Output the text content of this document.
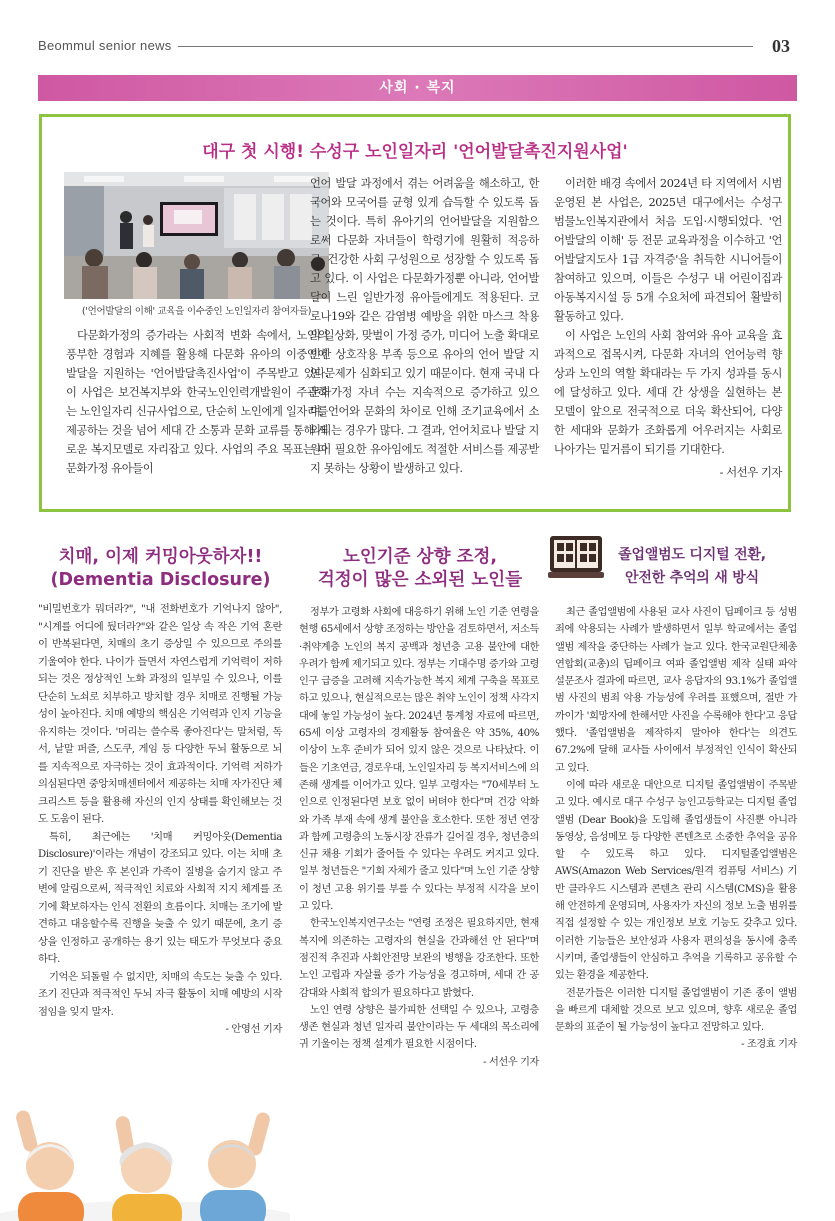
Beommul senior news	03
사회 · 복지
대구 첫 시행! 수성구 노인일자리 '언어발달촉진지원사업'
('언어발달의 이해' 교육을 이수중인 노인일자리 참여자들)

다문화가정의 증가라는 사회적 변화 속에서, 노인의 풍부한 경험과 지혜를 활용해 다문화 유아의 이중언어 발달을 지원하는 '언어발달촉진사업'이 주목받고 있다. 이 사업은 보건복지부와 한국노인인력개발원이 주관하는 노인일자리 신규사업으로, 단순히 노인에게 일자리를 제공하는 것을 넘어 세대 간 소통과 문화 교류를 통해 새로운 복지모델로 자리잡고 있다. 사업의 주요 목표는 다문화가정 유아들이

언어 발달 과정에서 겪는 어려움을 해소하고, 한국어와 모국어를 균형 있게 습득할 수 있도록 돕는 것이다. 특히 유아기의 언어발달을 지원함으로써 다문화 자녀들이 학령기에 원활히 적응하고, 건강한 사회 구성원으로 성장할 수 있도록 돕고 있다. 이 사업은 다문화가정뿐 아니라, 언어발달이 느린 일반가정 유아들에게도 적용된다. 코로나19와 같은 감염병 예방을 위한 마스크 착용의 일상화, 맞벌이 가정 증가, 미디어 노출 확대로 인한 상호작용 부족 등으로 유아의 언어 발달 지연 문제가 심화되고 있기 때문이다. 현재 국내 다문화가정 자녀 수는 지속적으로 증가하고 있으며, 언어와 문화의 차이로 인해 조기교육에서 소외되는 경우가 많다. 그 결과, 언어치료나 발달 지원이 필요한 유아임에도 적절한 서비스를 제공받지 못하는 상황이 발생하고 있다.

이러한 배경 속에서 2024년 타 지역에서 시범 운영된 본 사업은, 2025년 대구에서는 수성구 범물노인복지관에서 처음 도입·시행되었다. '언어발달의 이해' 등 전문 교육과정을 이수하고 '언어발달지도사 1급 자격증'을 취득한 시니어들이 참여하고 있으며, 이들은 수성구 내 어린이집과 아동복지시설 등 5개 수요처에 파견되어 활발히 활동하고 있다.

이 사업은 노인의 사회 참여와 유아 교육을 효과적으로 접목시켜, 다문화 자녀의 언어능력 향상과 노인의 역할 확대라는 두 가지 성과를 동시에 달성하고 있다. 세대 간 상생을 실현하는 본 모델이 앞으로 전국적으로 더욱 확산되어, 다양한 세대와 문화가 조화롭게 어우러지는 사회로 나아가는 밑거름이 되기를 기대한다.

- 서선우 기자

치매, 이제 커밍아웃하자!!
(Dementia Disclosure)

"비밀번호가 뭐더라?", "내 전화번호가 기억나지 않아", "시계를 어디에 뒀더라?"와 같은 일상 속 작은 기억 혼란이 반복된다면, 치매의 초기 증상일 수 있으므로 주의를 기울여야 한다. 나이가 들면서 자연스럽게 기억력이 저하되는 것은 정상적인 노화 과정의 일부일 수 있으나, 이를 단순히 노쇠로 치부하고 방치할 경우 치매로 진행될 가능성이 높아진다. 치매 예방의 핵심은 기억력과 인지 기능을 유지하는 것이다. '머리는 쓸수록 좋아진다'는 말처럼, 독서, 낱말 퍼즐, 스도쿠, 게임 등 다양한 두뇌 활동으로 뇌를 지속적으로 자극하는 것이 효과적이다. 기억력 저하가 의심된다면 중앙치매센터에서 제공하는 치매 자가진단 체크리스트 등을 활용해 자신의 인지 상태를 확인해보는 것도 도움이 된다.

특히, 최근에는 '치매 커밍아웃(Dementia Disclosure)'이라는 개념이 강조되고 있다. 이는 치매 초기 진단을 받은 후 본인과 가족이 질병을 숨기지 않고 주변에 알림으로써, 적극적인 치료와 사회적 지지 체계를 조기에 확보하자는 인식 전환의 흐름이다. 치매는 조기에 발견하고 대응할수록 진행을 늦출 수 있기 때문에, 초기 증상을 인정하고 공개하는 용기 있는 태도가 무엇보다 중요하다.

기억은 되돌릴 수 없지만, 치매의 속도는 늦출 수 있다. 조기 진단과 적극적인 두뇌 자극 활동이 치매 예방의 시작점임을 잊지 말자.

- 안영선 기자

노인기준 상향 조정,
걱정이 많은 소외된 노인들

정부가 고령화 사회에 대응하기 위해 노인 기준 연령을 현행 65세에서 상향 조정하는 방안을 검토하면서, 저소득·취약계층 노인의 복지 공백과 청년층 고용 불안에 대한 우려가 함께 제기되고 있다. 정부는 기대수명 증가와 고령인구 급증을 고려해 지속가능한 복지 체계 구축을 목표로 하고 있으나, 현실적으로는 많은 취약 노인이 정책 사각지대에 놓일 가능성이 높다. 2024년 통계청 자료에 따르면, 65세 이상 고령자의 경제활동 참여율은 약 35%, 40% 이상이 노후 준비가 되어 있지 않은 것으로 나타났다. 이들은 기초연금, 경로우대, 노인일자리 등 복지서비스에 의존해 생계를 이어가고 있다. 일부 고령자는 "70세부터 노인으로 인정된다면 보호 없이 버텨야 한다"며 건강 악화와 가족 부재 속에 생계 불안을 호소한다. 또한 정년 연장과 함께 고령층의 노동시장 잔류가 길어질 경우, 청년층의 신규 채용 기회가 줄어들 수 있다는 우려도 커지고 있다. 일부 청년들은 "기회 자체가 줄고 있다"며 노인 기준 상향이 청년 고용 위기를 부를 수 있다는 부정적 시각을 보이고 있다.

한국노인복지연구소는 "연령 조정은 필요하지만, 현재 복지에 의존하는 고령자의 현실을 간과해선 안 된다"며 점진적 추진과 사회안전망 보완의 병행을 강조한다. 또한 노인 고립과 자살률 증가 가능성을 경고하며, 세대 간 공감대와 사회적 합의가 필요하다고 밝혔다.

노인 연령 상향은 불가피한 선택일 수 있으나, 고령층 생존 현실과 청년 일자리 불안이라는 두 세대의 목소리에 귀 기울이는 정책 설계가 필요한 시점이다.

- 서선우 기자

졸업앨범도 디지털 전환,
안전한 추억의 새 방식

최근 졸업앨범에 사용된 교사 사진이 딥페이크 등 성범죄에 악용되는 사례가 발생하면서 일부 학교에서는 졸업앨범 제작을 중단하는 사례가 늘고 있다. 한국교원단체총연합회(교총)의 딥페이크 여파 졸업앨범 제작 실태 파악 설문조사 결과에 따르면, 교사 응답자의 93.1%가 졸업앨범 사진의 범죄 악용 가능성에 우려를 표했으며, 절반 가까이가 '희망자에 한해서만 사진을 수록해야 한다'고 응답했다. '졸업앨범을 제작하지 말아야 한다'는 의견도 67.2%에 달해 교사들 사이에서 부정적인 인식이 확산되고 있다.

이에 따라 새로운 대안으로 디지털 졸업앨범이 주목받고 있다. 예시로 대구 수성구 능인고등학교는 디지털 졸업앨범 (Dear Book)을 도입해 졸업생들이 사진뿐 아니라 동영상, 음성메모 등 다양한 콘텐츠로 소중한 추억을 공유할 수 있도록 하고 있다. 디지털졸업앨범은 AWS(Amazon Web Services/원격 컴퓨팅 서비스) 기반 클라우드 시스템과 콘텐츠 관리 시스템(CMS)을 활용해 안전하게 운영되며, 사용자가 자신의 정보 노출 범위를 직접 설정할 수 있는 개인정보 보호 기능도 갖추고 있다. 이러한 기능들은 보안성과 사용자 편의성을 동시에 충족시키며, 졸업생들이 안심하고 추억을 기록하고 공유할 수 있는 환경을 제공한다.

전문가들은 이러한 디지털 졸업앨범이 기존 종이 앨범을 빠르게 대체할 것으로 보고 있으며, 향후 새로운 졸업문화의 표준이 될 가능성이 높다고 전망하고 있다.

- 조경효 기자
